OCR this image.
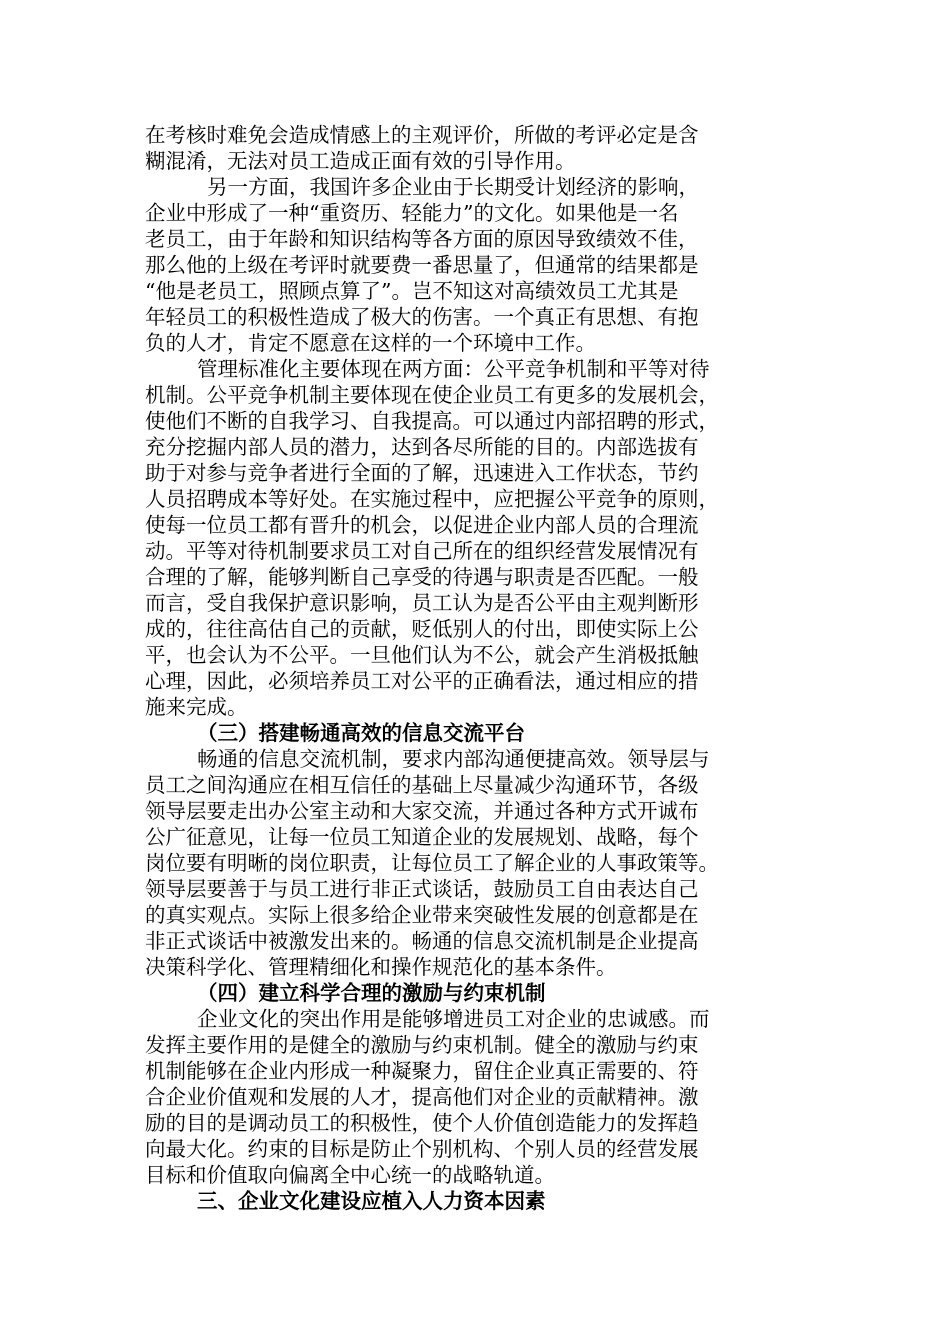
在考核时难免会造成情感上的主观评价，所做的考评必定是含
糊混淆，无法对员工造成正面有效的引导作用。
另一方面，我国许多企业由于长期受计划经济的影响，
企业中形成了一种“重资历、轻能力”的文化。如果他是一名
老员工，由于年龄和知识结构等各方面的原因导致绩效不佳，
那么他的上级在考评时就要费一番思量了，但通常的结果都是
“他是老员工，照顾点算了”。岂不知这对高绩效员工尤其是
年轻员工的积极性造成了极大的伤害。一个真正有思想、有抱
负的人才，肯定不愿意在这样的一个环境中工作。
管理标准化主要体现在两方面：公平竞争机制和平等对待
机制。公平竞争机制主要体现在使企业员工有更多的发展机会，
使他们不断的自我学习、自我提高。可以通过内部招聘的形式，
充分挖掘内部人员的潜力，达到各尽所能的目的。内部选拔有
助于对参与竞争者进行全面的了解，迅速进入工作状态，节约
人员招聘成本等好处。在实施过程中，应把握公平竞争的原则，
使每一位员工都有晋升的机会，以促进企业内部人员的合理流
动。平等对待机制要求员工对自己所在的组织经营发展情况有
合理的了解，能够判断自己享受的待遇与职责是否匹配。一般
而言，受自我保护意识影响，员工认为是否公平由主观判断形
成的，往往高估自己的贡献，贬低别人的付出，即使实际上公
平，也会认为不公平。一旦他们认为不公，就会产生消极抵触
心理，因此，必须培养员工对公平的正确看法，通过相应的措
施来完成。
（三）搭建畅通高效的信息交流平台
畅通的信息交流机制，要求内部沟通便捷高效。领导层与
员工之间沟通应在相互信任的基础上尽量减少沟通环节，各级
领导层要走出办公室主动和大家交流，并通过各种方式开诚布
公广征意见，让每一位员工知道企业的发展规划、战略，每个
岗位要有明晰的岗位职责，让每位员工了解企业的人事政策等。
领导层要善于与员工进行非正式谈话，鼓励员工自由表达自己
的真实观点。实际上很多给企业带来突破性发展的创意都是在
非正式谈话中被激发出来的。畅通的信息交流机制是企业提高
决策科学化、管理精细化和操作规范化的基本条件。
（四）建立科学合理的激励与约束机制
企业文化的突出作用是能够增进员工对企业的忠诚感。而
发挥主要作用的是健全的激励与约束机制。健全的激励与约束
机制能够在企业内形成一种凝聚力，留住企业真正需要的、符
合企业价值观和发展的人才，提高他们对企业的贡献精神。激
励的目的是调动员工的积极性，使个人价值创造能力的发挥趋
向最大化。约束的目标是防止个别机构、个别人员的经营发展
目标和价值取向偏离全中心统一的战略轨道。
三、企业文化建设应植入人力资本因素
